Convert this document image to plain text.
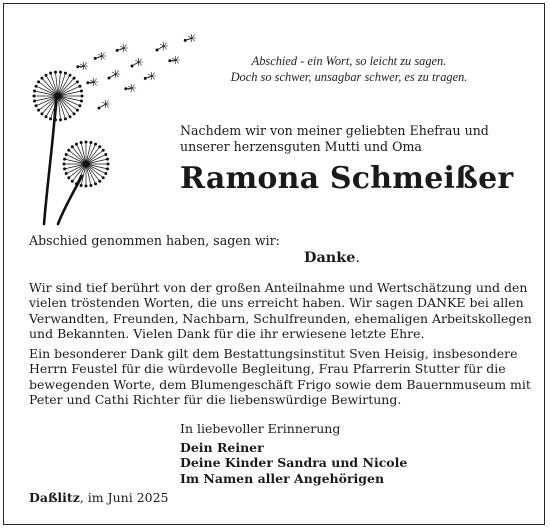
Abschied - ein Wort, so leicht zu sagen.
Doch so schwer, unsagbar schwer, es zu tragen.
Nachdem wir von meiner geliebten Ehefrau und
unserer herzensguten Mutti und Oma
Ramona Schmeißer
Abschied genommen haben, sagen wir:
Danke.
Wir sind tief berührt von der großen Anteilnahme und Wertschätzung und den
vielen tröstenden Worten, die uns erreicht haben. Wir sagen DANKE bei allen
Verwandten, Freunden, Nachbarn, Schulfreunden, ehemaligen Arbeitskollegen
und Bekannten. Vielen Dank für die ihr erwiesene letzte Ehre.
Ein besonderer Dank gilt dem Bestattungsinstitut Sven Heisig, insbesondere
Herrn Feustel für die würdevolle Begleitung, Frau Pfarrerin Stutter für die
bewegenden Worte, dem Blumengeschäft Frigo sowie dem Bauernmuseum mit
Peter und Cathi Richter für die liebenswürdige Bewirtung.
In liebevoller Erinnerung
Dein Reiner
Deine Kinder Sandra und Nicole
Im Namen aller Angehörigen
Daßlitz, im Juni 2025
